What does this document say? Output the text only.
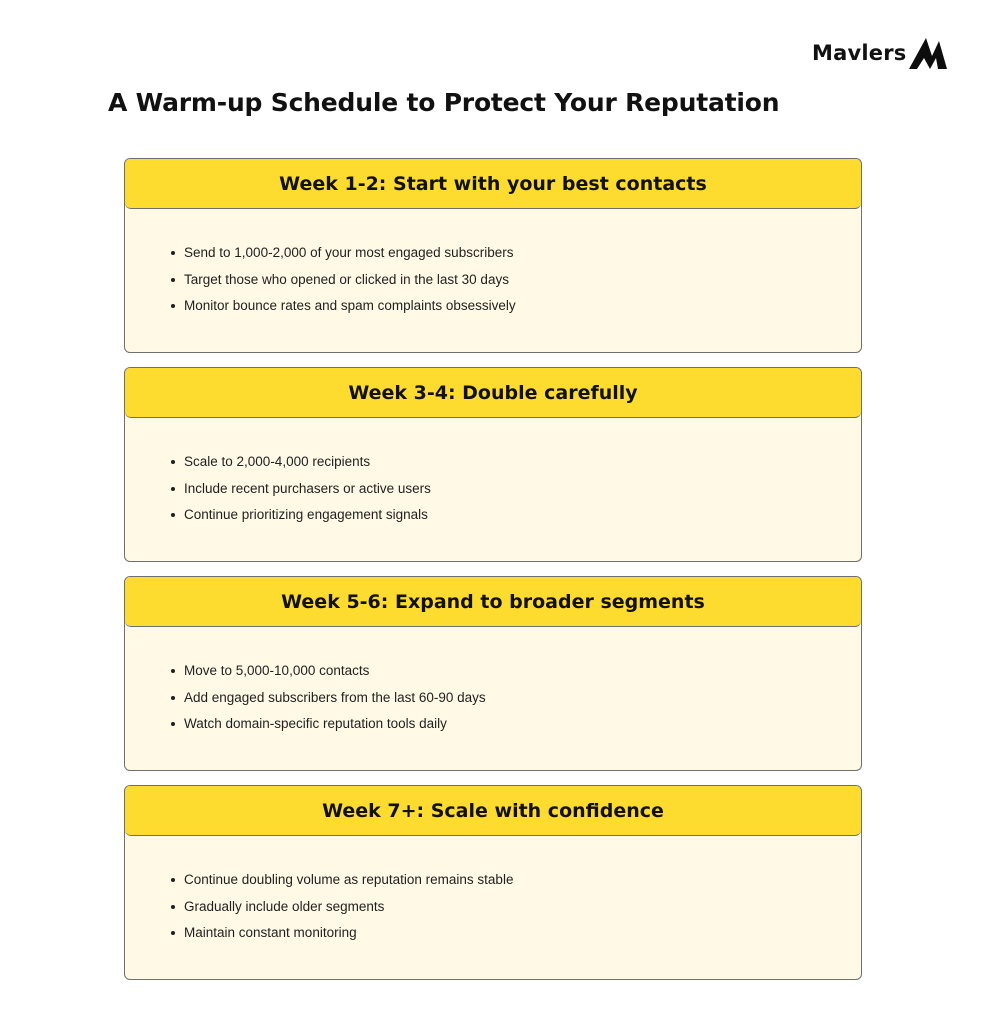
Mavlers
A Warm-up Schedule to Protect Your Reputation
Week 1-2: Start with your best contacts
Send to 1,000-2,000 of your most engaged subscribers
Target those who opened or clicked in the last 30 days
Monitor bounce rates and spam complaints obsessively
Week 3-4: Double carefully
Scale to 2,000-4,000 recipients
Include recent purchasers or active users
Continue prioritizing engagement signals
Week 5-6: Expand to broader segments
Move to 5,000-10,000 contacts
Add engaged subscribers from the last 60-90 days
Watch domain-specific reputation tools daily
Week 7+: Scale with confidence
Continue doubling volume as reputation remains stable
Gradually include older segments
Maintain constant monitoring
